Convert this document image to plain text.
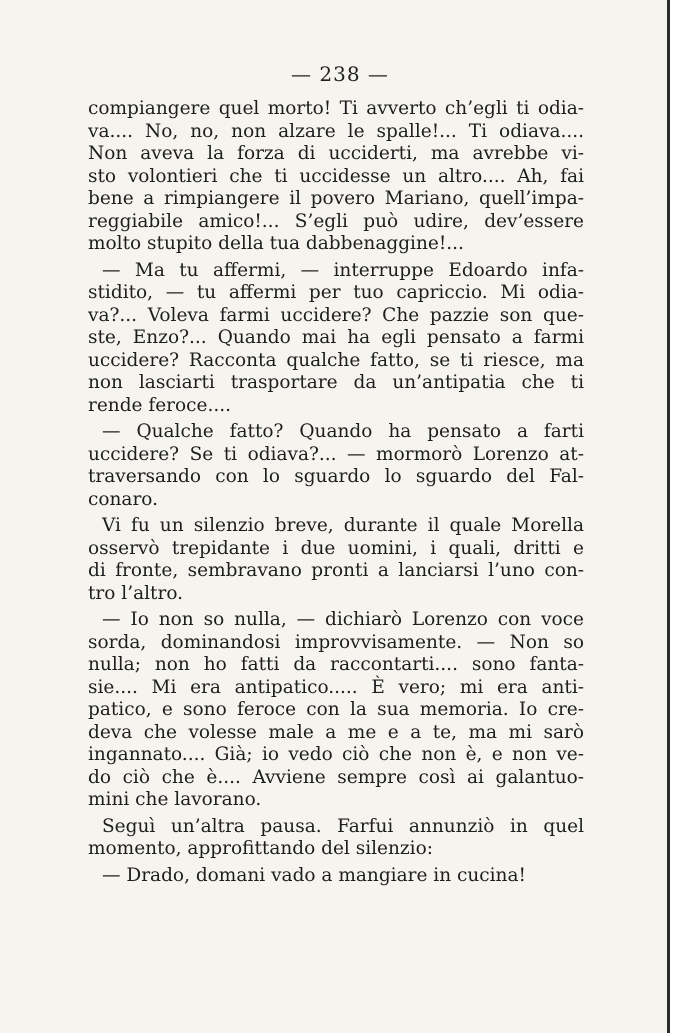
— 238 —
compiangere quel morto! Ti avverto ch’egli ti odia-
va.... No, no, non alzare le spalle!... Ti odiava....
Non aveva la forza di ucciderti, ma avrebbe vi-
sto volontieri che ti uccidesse un altro.... Ah, fai
bene a rimpiangere il povero Mariano, quell’impa-
reggiabile amico!... S’egli può udire, dev’essere
molto stupito della tua dabbenaggine!...
— Ma tu affermi, — interruppe Edoardo infa-
stidito, — tu affermi per tuo capriccio. Mi odia-
va?... Voleva farmi uccidere? Che pazzie son que-
ste, Enzo?... Quando mai ha egli pensato a farmi
uccidere? Racconta qualche fatto, se ti riesce, ma
non lasciarti trasportare da un’antipatia che ti
rende feroce....
— Qualche fatto? Quando ha pensato a farti
uccidere? Se ti odiava?... — mormorò Lorenzo at-
traversando con lo sguardo lo sguardo del Fal-
conaro.
Vi fu un silenzio breve, durante il quale Morella
osservò trepidante i due uomini, i quali, dritti e
di fronte, sembravano pronti a lanciarsi l’uno con-
tro l’altro.
— Io non so nulla, — dichiarò Lorenzo con voce
sorda, dominandosi improvvisamente. — Non so
nulla; non ho fatti da raccontarti.... sono fanta-
sie.... Mi era antipatico..... È vero; mi era anti-
patico, e sono feroce con la sua memoria. Io cre-
deva che volesse male a me e a te, ma mi sarò
ingannato.... Già; io vedo ciò che non è, e non ve-
do ciò che è.... Avviene sempre così ai galantuo-
mini che lavorano.
Seguì un’altra pausa. Farfui annunziò in quel
momento, approfittando del silenzio:
— Drado, domani vado a mangiare in cucina!
